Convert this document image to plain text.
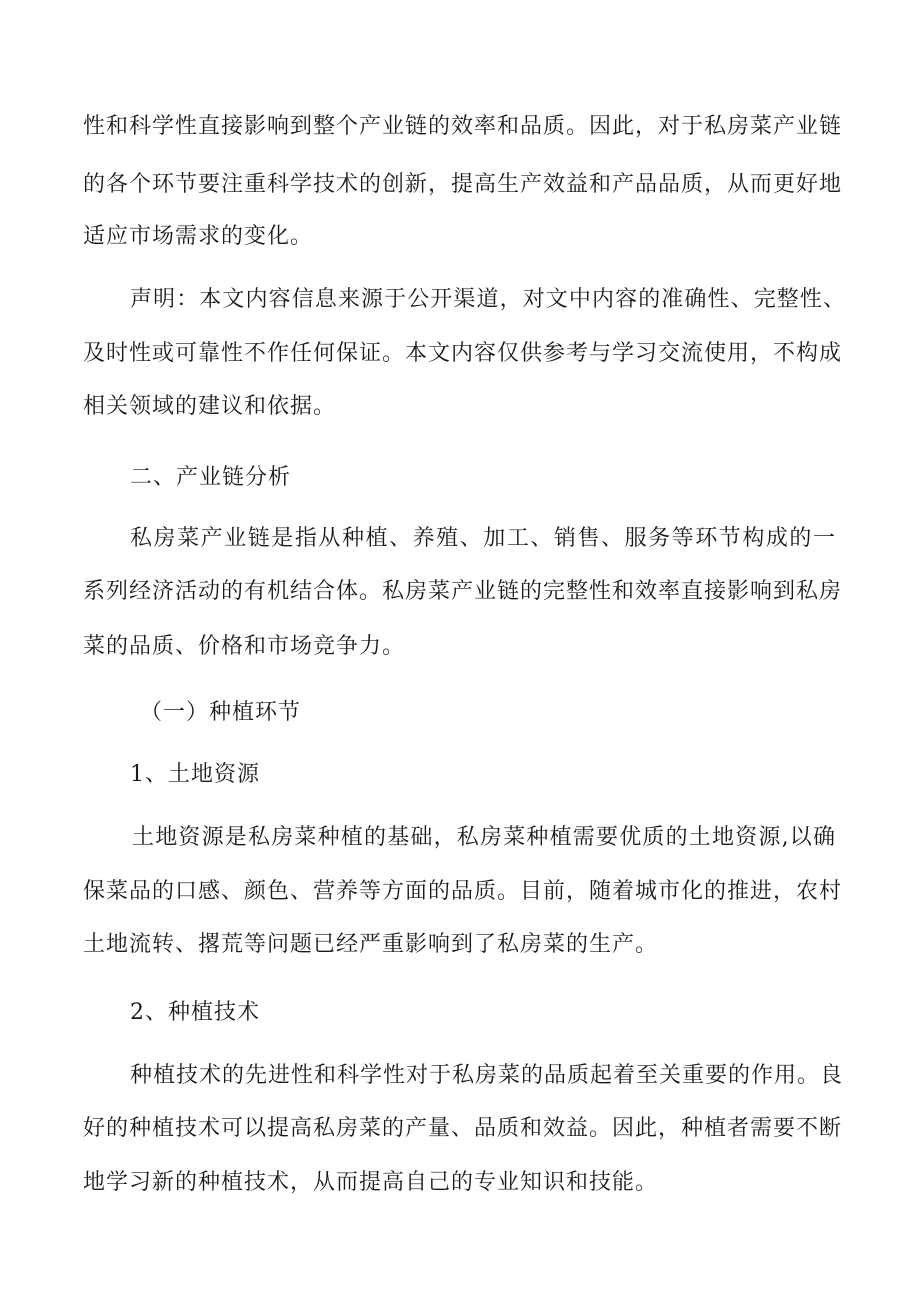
性和科学性直接影响到整个产业链的效率和品质。因此，对于私房菜产业链
的各个环节要注重科学技术的创新，提高生产效益和产品品质，从而更好地
适应市场需求的变化。
声明：本文内容信息来源于公开渠道，对文中内容的准确性、完整性、
及时性或可靠性不作任何保证。本文内容仅供参考与学习交流使用，不构成
相关领域的建议和依据。
二、产业链分析
私房菜产业链是指从种植、养殖、加工、销售、服务等环节构成的一
系列经济活动的有机结合体。私房菜产业链的完整性和效率直接影响到私房
菜的品质、价格和市场竞争力。
（一）种植环节
1、土地资源
土地资源是私房菜种植的基础，私房菜种植需要优质的土地资源,以确
保菜品的口感、颜色、营养等方面的品质。目前，随着城市化的推进，农村
土地流转、撂荒等问题已经严重影响到了私房菜的生产。
2、种植技术
种植技术的先进性和科学性对于私房菜的品质起着至关重要的作用。良
好的种植技术可以提高私房菜的产量、品质和效益。因此，种植者需要不断
地学习新的种植技术，从而提高自己的专业知识和技能。
